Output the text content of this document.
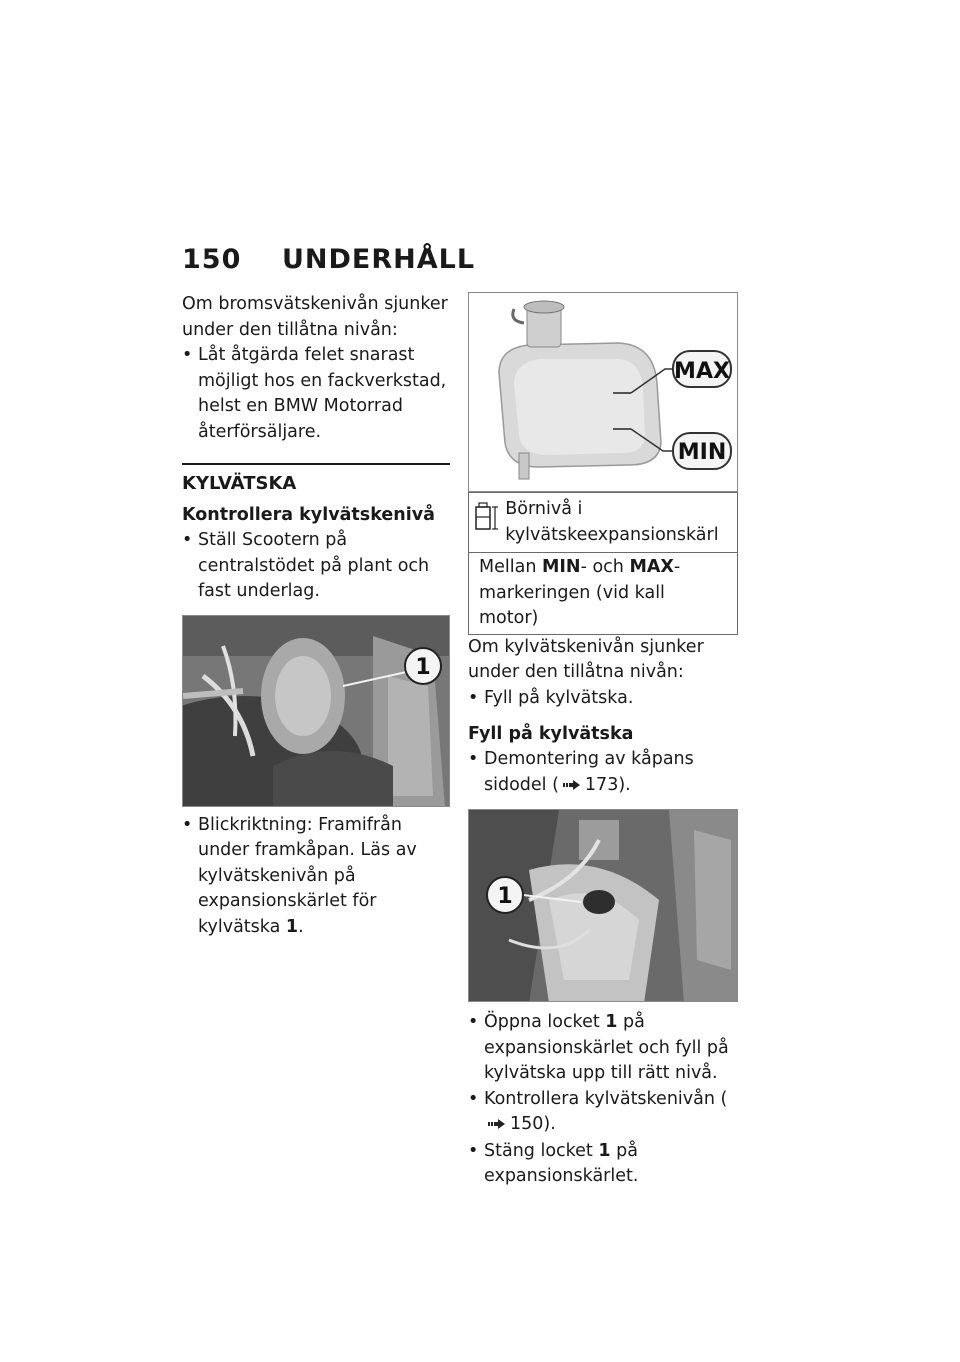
150 UNDERHÅLL

Om bromsvätskenivån sjunker under den tillåtna nivån:

• Låt åtgärda felet snarast möjligt hos en fackverkstad, helst en BMW Motorrad återförsäljare.
KYLVÄTSKA
Kontrollera kylvätskenivå
• Ställ Scootern på centralstödet på plant och fast underlag.
1
• Blickriktning: Framifrån under framkåpan. Läs av kylvätskenivån på expansionskärlet för kylvätska 1.
MAX
MIN
Börnivå i kylvätskeexpansionskärl
Mellan MIN- och MAX-markeringen (vid kall motor)

Om kylvätskenivån sjunker under den tillåtna nivån:

• Fyll på kylvätska.
Fyll på kylvätska
• Demontering av kåpans sidodel ( 173).
1
• Öppna locket 1 på expansionskärlet och fyll på kylvätska upp till rätt nivå.
• Kontrollera kylvätskenivån (150).
• Stäng locket 1 på expansionskärlet.
